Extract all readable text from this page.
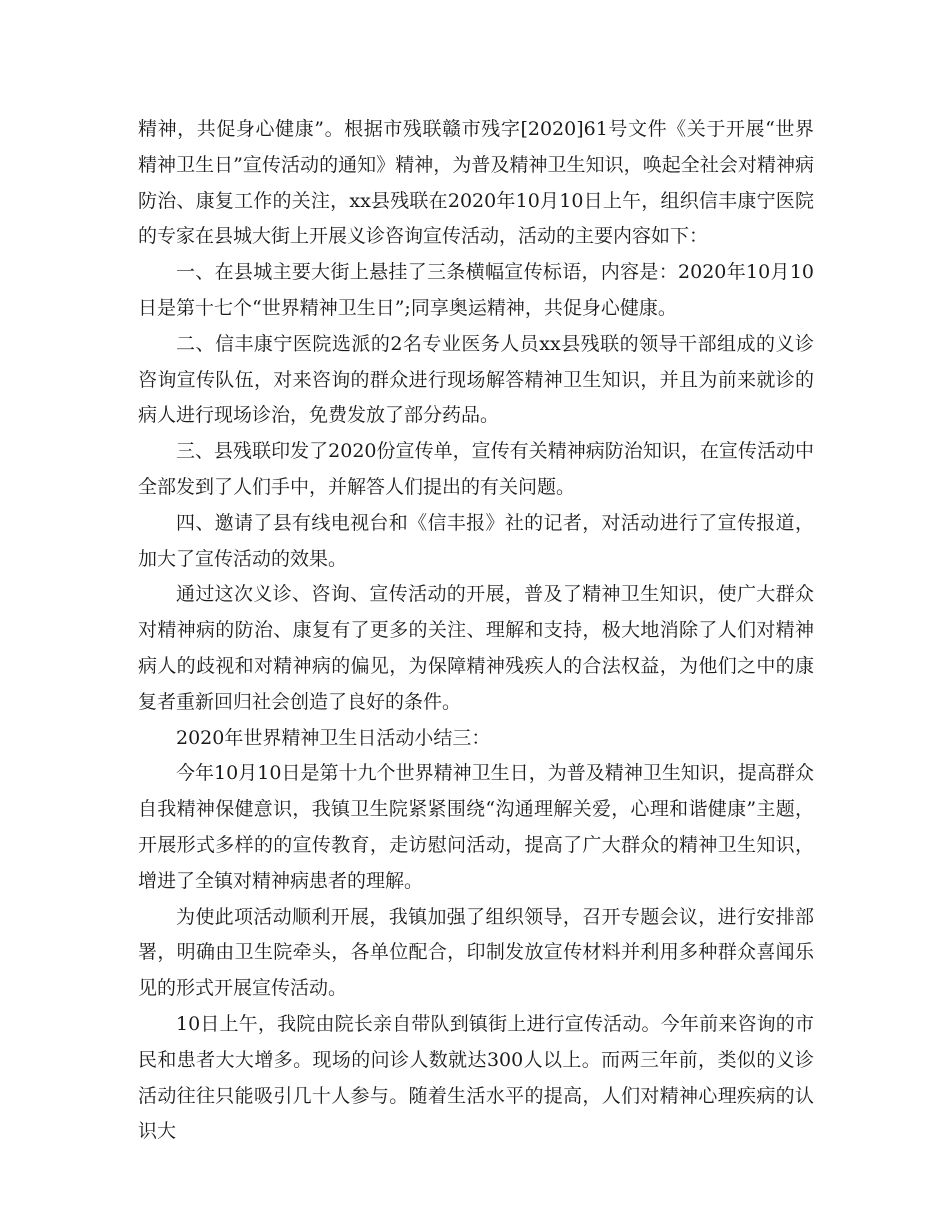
精神，共促身心健康”。根据市残联赣市残字[2020]61号文件《关于开展“世界精神卫生日”宣传活动的通知》精神，为普及精神卫生知识，唤起全社会对精神病防治、康复工作的关注，xx县残联在2020年10月10日上午，组织信丰康宁医院的专家在县城大街上开展义诊咨询宣传活动，活动的主要内容如下：

一、在县城主要大街上悬挂了三条横幅宣传标语，内容是：2020年10月10日是第十七个“世界精神卫生日”;同享奥运精神，共促身心健康。

二、信丰康宁医院选派的2名专业医务人员xx县残联的领导干部组成的义诊咨询宣传队伍，对来咨询的群众进行现场解答精神卫生知识，并且为前来就诊的病人进行现场诊治，免费发放了部分药品。

三、县残联印发了2020份宣传单，宣传有关精神病防治知识，在宣传活动中全部发到了人们手中，并解答人们提出的有关问题。

四、邀请了县有线电视台和《信丰报》社的记者，对活动进行了宣传报道，加大了宣传活动的效果。

通过这次义诊、咨询、宣传活动的开展，普及了精神卫生知识，使广大群众对精神病的防治、康复有了更多的关注、理解和支持，极大地消除了人们对精神病人的歧视和对精神病的偏见，为保障精神残疾人的合法权益，为他们之中的康复者重新回归社会创造了良好的条件。

2020年世界精神卫生日活动小结三：

今年10月10日是第十九个世界精神卫生日，为普及精神卫生知识，提高群众自我精神保健意识，我镇卫生院紧紧围绕“沟通理解关爱，心理和谐健康”主题，开展形式多样的的宣传教育，走访慰问活动，提高了广大群众的精神卫生知识，增进了全镇对精神病患者的理解。

为使此项活动顺利开展，我镇加强了组织领导，召开专题会议，进行安排部署，明确由卫生院牵头，各单位配合，印制发放宣传材料并利用多种群众喜闻乐见的形式开展宣传活动。

10日上午，我院由院长亲自带队到镇街上进行宣传活动。今年前来咨询的市民和患者大大增多。现场的问诊人数就达300人以上。而两三年前，类似的义诊活动往往只能吸引几十人参与。随着生活水平的提高，人们对精神心理疾病的认识大
